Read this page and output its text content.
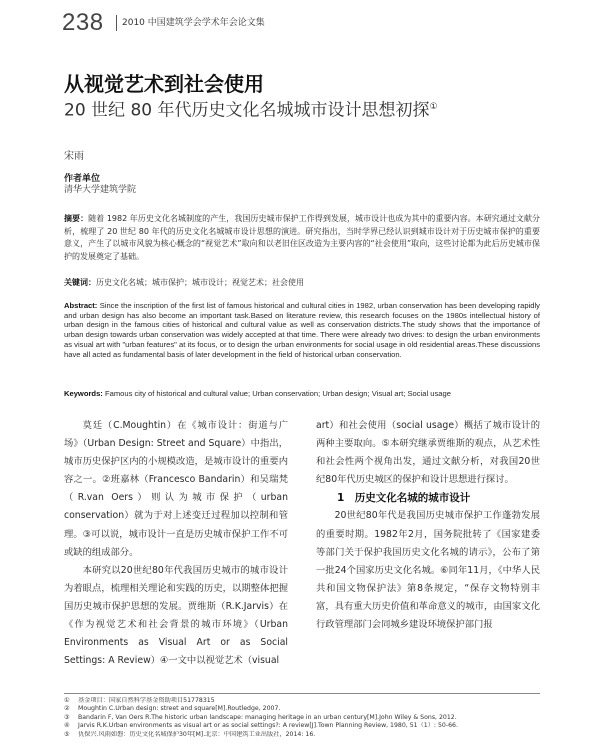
238 2010 中国建筑学会学术年会论文集
从视觉艺术到社会使用
20 世纪 80 年代历史文化名城城市设计思想初探①
宋雨
作者单位
清华大学建筑学院

摘要：随着 1982 年历史文化名城制度的产生，我国历史城市保护工作得到发展，城市设计也成为其中的重要内容。本研究通过文献分析，梳理了 20 世纪 80 年代的历史文化名城城市设计思想的演进。研究指出，当时学界已经认识到城市设计对于历史城市保护的重要意义，产生了以城市风貌为核心概念的“视觉艺术”取向和以老旧住区改造为主要内容的“社会使用”取向，这些讨论都为此后历史城市保护的发展奠定了基础。

关键词：历史文化名城；城市保护；城市设计；视觉艺术；社会使用

Abstract: Since the inscription of the first list of famous historical and cultural cities in 1982, urban conservation has been developing rapidly and urban design has also become an important task.Based on literature review, this research focuses on the 1980s intellectual history of urban design in the famous cities of historical and cultural value as well as conservation districts.The study shows that the importance of urban design towards urban conservation was widely accepted at that time. There were already two drives: to design the urban environments as visual art with "urban features" at its focus, or to design the urban environments for social usage in old residential areas.These discussions have all acted as fundamental basis of later development in the field of historical urban conservation.

Keywords: Famous city of historical and cultural value; Urban conservation; Urban design; Visual art; Social usage

莫廷（C.Moughtin）在《城市设计：街道与广场》（Urban Design: Street and Square）中指出，城市历史保护区内的小规模改造，是城市设计的重要内容之一。②班嘉林（Francesco Bandarin）和吴瑞梵（R.van Oers）则认为城市保护（urban conservation）就为于对上述变迁过程加以控制和管理。③可以说，城市设计一直是历史城市保护工作不可或缺的组成部分。

本研究以20世纪80年代我国历史城市的城市设计为着眼点，梳理相关理论和实践的历史，以期整体把握国历史城市保护思想的发展。贾维斯（R.K.Jarvis）在《作为视觉艺术和社会背景的城市环境》（Urban Environments as Visual Art or as Social Settings: A Review）④一文中以视觉艺术（visual

art）和社会使用（social usage）概括了城市设计的两种主要取向。⑤本研究继承贾维斯的观点，从艺术性和社会性两个视角出发，通过文献分析，对我国20世纪80年代历史城区的保护和设计思想进行探讨。

1　历史文化名城的城市设计

20世纪80年代是我国历史城市保护工作蓬勃发展的重要时期。1982年2月，国务院批转了《国家建委等部门关于保护我国历史文化名城的请示》，公布了第一批24个国家历史文化名城。⑥同年11月，《中华人民共和国文物保护法》第8条规定，“保存文物特别丰富，具有重大历史价值和革命意义的城市，由国家文化行政管理部门会同城乡建设环境保护部门报

① 基金项目：国家自然科学基金资助项目51778315
② Moughtin C.Urban design: street and square[M].Routledge, 2007.
③ Bandarin F, Van Oers R.The historic urban landscape: managing heritage in an urban century[M].John Wiley & Sons, 2012.
④ Jarvis R.K.Urban environments as visual art or as social settings?: A review[J].Town Planning Review, 1980, 51（1）: 50-66.
⑤ 仇保兴.风雨如磐：历史文化名城保护30年[M].北京：中国建筑工业出版社，2014: 16.
